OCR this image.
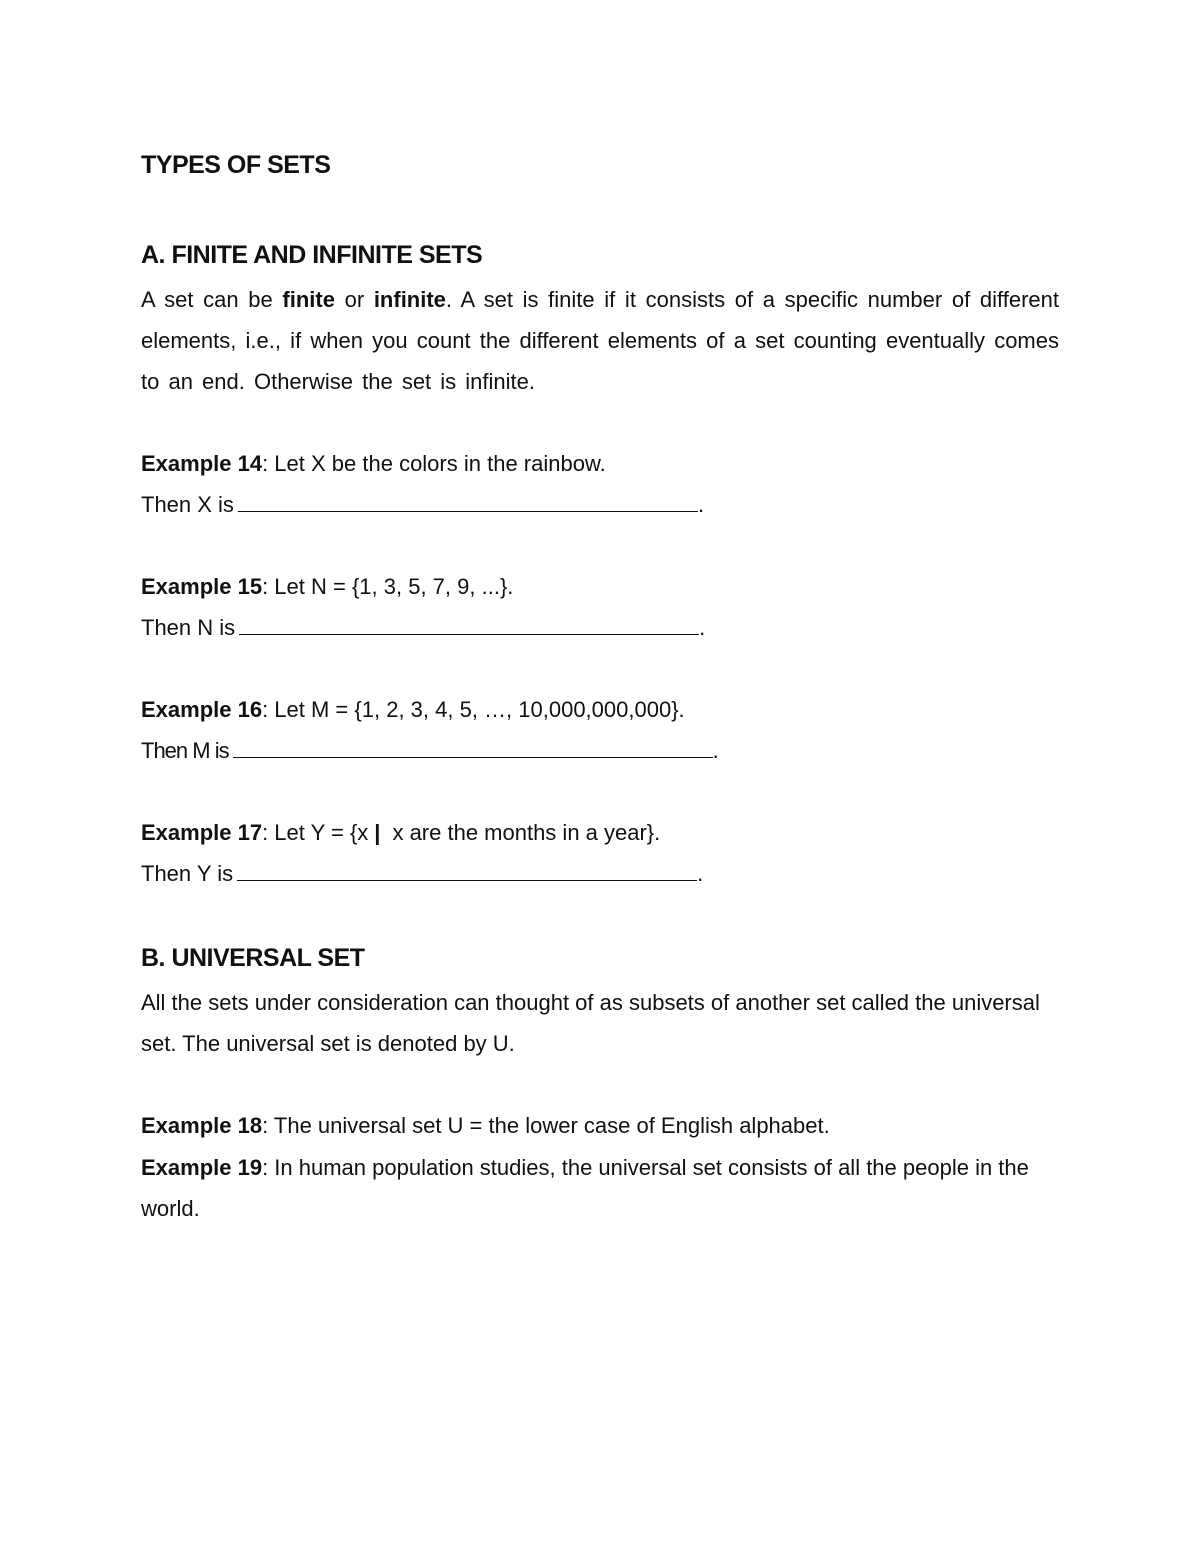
TYPES OF SETS
A. FINITE AND INFINITE SETS

A set can be finite or infinite. A set is finite if it consists of a specific number of different elements, i.e., if when you count the different elements of a set counting eventually comes to an end. Otherwise the set is infinite.

Example 14: Let X be the colors in the rainbow.

Then X is	.

Example 15: Let N = {1, 3, 5, 7, 9, ...}.

Then N is	.

Example 16: Let M = {1, 2, 3, 4, 5, …, 10,000,000,000}.

Then M is	.

Example 17: Let Y = {x | x are the months in a year}.

Then Y is	.

B. UNIVERSAL SET

All the sets under consideration can thought of as subsets of another set called the universal set. The universal set is denoted by U.

Example 18: The universal set U = the lower case of English alphabet.

Example 19: In human population studies, the universal set consists of all the people in the world.
